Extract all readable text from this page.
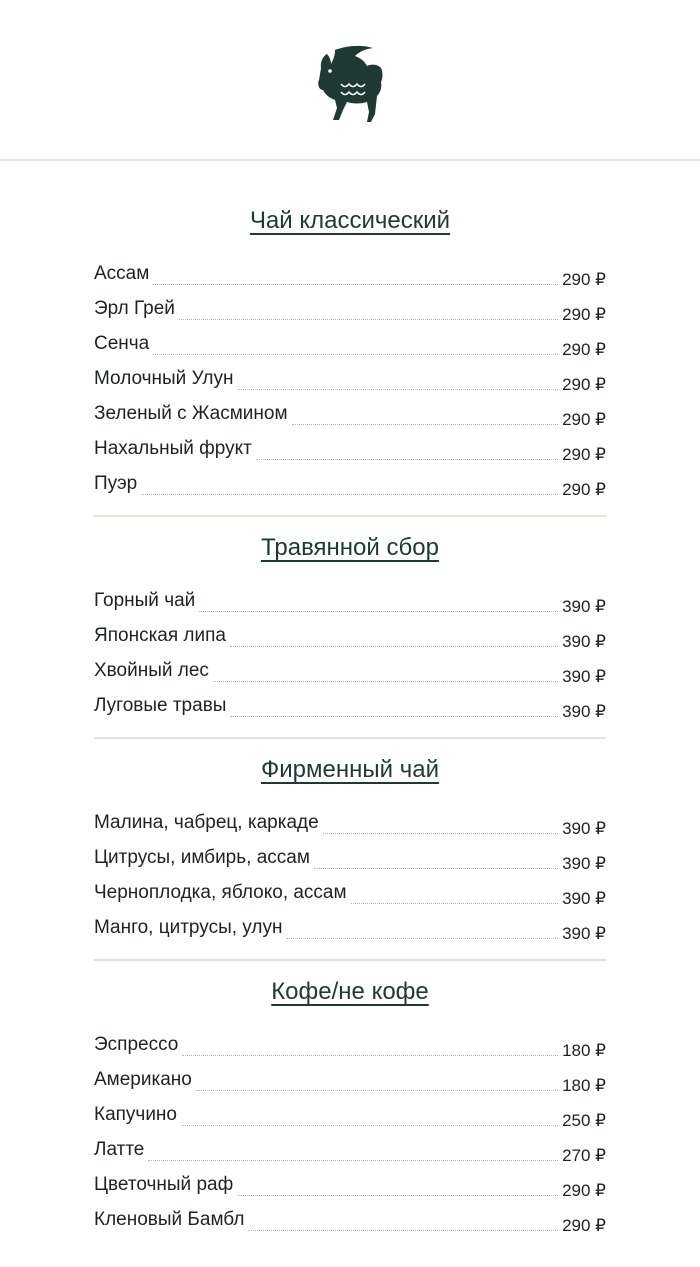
Чай классический
Ассам	290 ₽
Эрл Грей	290 ₽
Сенча	290 ₽
Молочный Улун	290 ₽
Зеленый с Жасмином	290 ₽
Нахальный фрукт	290 ₽
Пуэр	290 ₽
Травянной сбор
Горный чай	390 ₽
Японская липа	390 ₽
Хвойный лес	390 ₽
Луговые травы	390 ₽
Фирменный чай
Малина, чабрец, каркаде	390 ₽
Цитрусы, имбирь, ассам	390 ₽
Черноплодка, яблоко, ассам	390 ₽
Манго, цитрусы, улун	390 ₽
Кофе/не кофе
Эспрессо	180 ₽
Американо	180 ₽
Капучино	250 ₽
Латте	270 ₽
Цветочный раф	290 ₽
Кленовый Бамбл	290 ₽
